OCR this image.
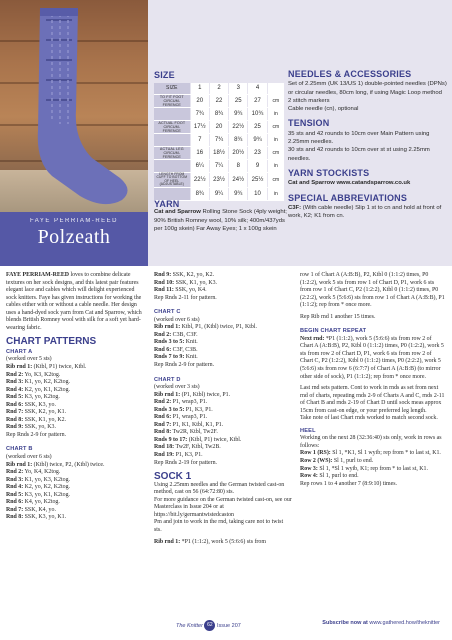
FAYE PERRIAM-REED
Polzeath
SIZE
SIZE	1	2	3	4	
TO FIT FOOT CIRCUM-FERENCE	20	22	25	27	cm
	7¾	8¾	9¾	10¾	in
ACTUAL FOOT CIRCUM-FERENCE	17½	20	22½	25	cm
	7	7¾	8¾	9¾	in
ACTUAL LEG CIRCUM-FERENCE	16	18½	20½	23	cm
	6¼	7¼	8	9	in
LENGTH FROM CUFF TO BOTTOM OF HEEL (ADJUSTABLE)	22½	23½	24½	25½	cm
	8¾	9¼	9¾	10	in
YARN

Cat and Sparrow Rolling Stone Sock (4ply weight; 90% British Romney wool, 10% silk; 400m/437yds per 100g skein) Far Away Eyes; 1 x 100g skein

NEEDLES & ACCESSORIES

Set of 2.25mm (UK 13/US 1) double-pointed needles (DPNs) or circular needles, 80cm long, if using Magic Loop method

2 stitch markers

Cable needle (cn), optional

TENSION

35 sts and 42 rounds to 10cm over Main Pattern using 2.25mm needles.

30 sts and 42 rounds to 10cm over st st using 2.25mm needles.

YARN STOCKISTS

Cat and Sparrow www.catandsparrow.co.uk

SPECIAL ABBREVIATIONS

C3F: (With cable needle) Slip 1 st to cn and hold at front of work, K2; K1 from cn.

FAYE PERRIAM-REED loves to combine delicate textures on her sock designs, and this latest pair features elegant lace and cables which will delight experienced sock knitters. Faye has given instructions for working the cables either with or without a cable needle. Her design uses a hand-dyed sock yarn from Cat and Sparrow, which blends British Romney wool with silk for a soft yet hard-wearing fabric.

CHART PATTERNS
CHART A

(worked over 5 sts)

Rib rnd 1: (Ktbl, P1) twice, Ktbl.

Rnd 2: Yo, K3, K2tog.

Rnd 3: K1, yo, K2, K2tog.

Rnd 4: K2, yo, K1, K2tog.

Rnd 5: K3, yo, K2tog.

Rnd 6: SSK, K3, yo.

Rnd 7: SSK, K2, yo, K1.

Rnd 8: SSK, K1, yo, K2.

Rnd 9: SSK, yo, K3.

Rep Rnds 2-9 for pattern.

CHART B

(worked over 6 sts)

Rib rnd 1: (Ktbl) twice, P2, (Ktbl) twice.

Rnd 2: Yo, K4, K2tog.

Rnd 3: K1, yo, K3, K2tog.

Rnd 4: K2, yo, K2, K2tog.

Rnd 5: K3, yo, K1, K2tog.

Rnd 6: K4, yo, K2tog.

Rnd 7: SSK, K4, yo.

Rnd 8: SSK, K3, yo, K1.

Rnd 9: SSK, K2, yo, K2.

Rnd 10: SSK, K1, yo, K3.

Rnd 11: SSK, yo, K4.

Rep Rnds 2-11 for pattern.

CHART C

(worked over 6 sts)

Rib rnd 1: Ktbl, P1, (Ktbl) twice, P1, Ktbl.

Rnd 2: C3B, C3F.

Rnds 3 to 5: Knit.

Rnd 6: C3F, C3B.

Rnds 7 to 9: Knit.

Rep Rnds 2-9 for pattern.

CHART D

(worked over 3 sts)

Rib rnd 1: (P1, Ktbl) twice, P1.

Rnd 2: P1, wrap3, P1.

Rnds 3 to 5: P1, K3, P1.

Rnd 6: P1, wrap3, P1.

Rnd 7: P1, K1, Ktbl, K1, P1.

Rnd 8: Tw2R, Ktbl, Tw2F.

Rnds 9 to 17: (Ktbl, P1) twice, Ktbl.

Rnd 18: Tw2F, Ktbl, Tw2B.

Rnd 19: P1, K3, P1.

Rep Rnds 2-19 for pattern.

SOCK 1

Using 2.25mm needles and the German twisted cast-on method, cast on 56 (64:72:80) sts.

For more guidance on the German twisted cast-on, see our Masterclass in Issue 204 or at https://bit.ly/germantwistedcaston

Pm and join to work in the rnd, taking care not to twist sts.

Rib rnd 1: *P1 (1:1:2), work 5 (5:6:6) sts from

row 1 of Chart A (A:B:B), P2, Ktbl 0 (1:1:2) times, P0 (1:2:2), work 5 sts from row 1 of Chart D, P1, work 6 sts from row 1 of Chart C, P2 (1:2:2), Ktbl 0 (1:1:2) times, P0 (2:2:2), work 5 (5:6:6) sts from row 1 of Chart A (A:B:B), P1 (1:1:2); rep from * once more.

Rep Rib rnd 1 another 15 times.

BEGIN CHART REPEAT

Next rnd: *P1 (1:1:2), work 5 (5:6:6) sts from row 2 of Chart A (A:B:B), P2, Ktbl 0 (1:1:2) times, P0 (1:2:2), work 5 sts from row 2 of Chart D, P1, work 6 sts from row 2 of Chart C, P2 (1:2:2), Ktbl 0 (1:1:2) times, P0 (2:2:2), work 5 (5:6:6) sts from row 6 (6:7:7) of Chart A (A:B:B) (to mirror other side of sock), P1 (1:1:2); rep from * once more.

Last rnd sets pattern. Cont to work in rnds as set from next rnd of charts, repeating rnds 2-9 of Charts A and C, rnds 2-11 of Chart B and rnds 2-19 of Chart D until sock meas approx 15cm from cast-on edge, or your preferred leg length.

Take note of last Chart rnds worked to match second sock.

HEEL

Working on the next 28 (32:36:40) sts only, work in rows as follows:

Row 1 (RS): Sl 1, *K1, Sl 1 wyib; rep from * to last st, K1.

Row 2 (WS): Sl 1, purl to end.

Row 3: Sl 1, *Sl 1 wyib, K1; rep from * to last st, K1.

Row 4: Sl 1, purl to end.

Rep rows 1 to 4 another 7 (8:9:10) times.

The Knitter 62 Issue 207	Subscribe now at www.gathered.how/theknitter
